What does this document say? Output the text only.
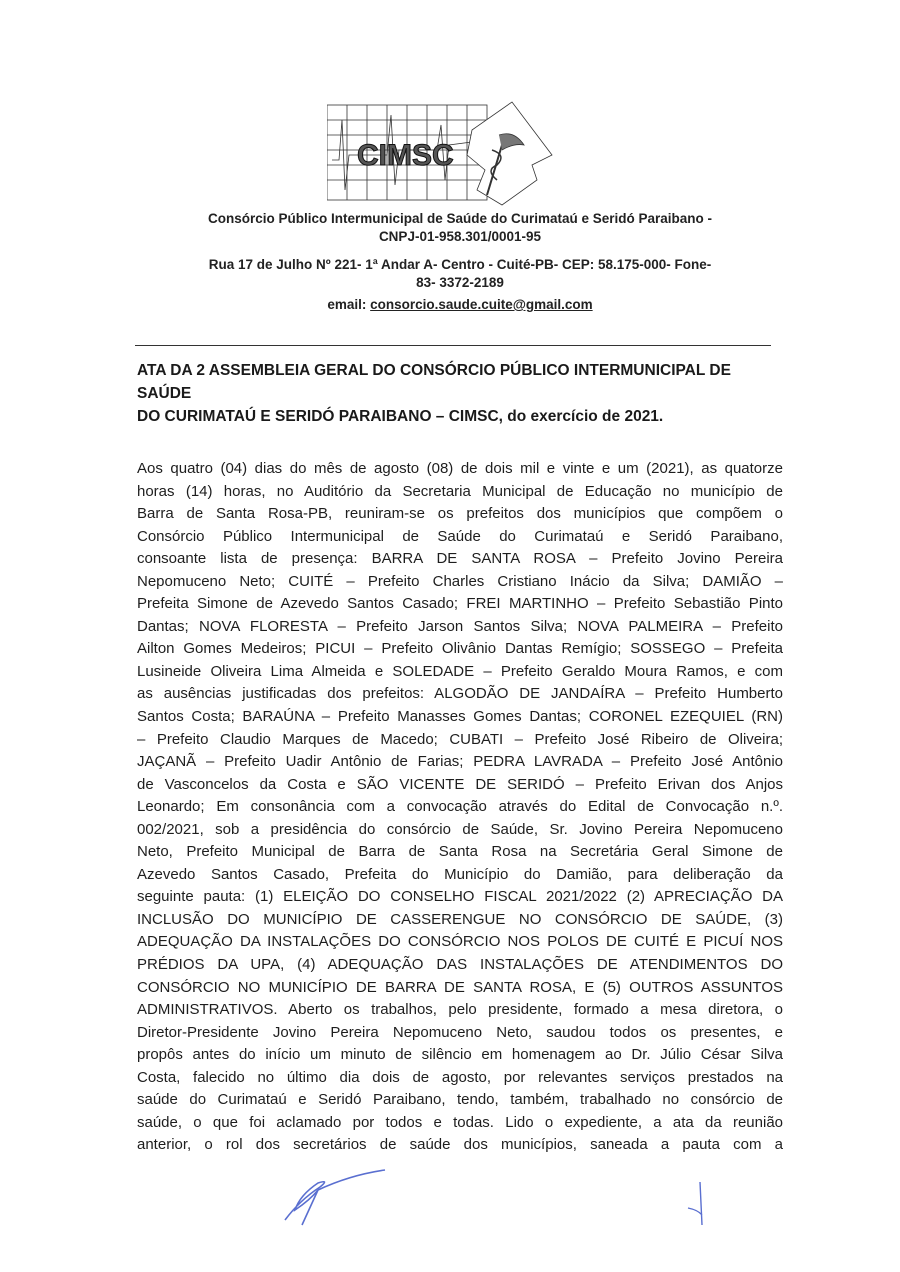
CIMSC
Consórcio Público Intermunicipal de Saúde do Curimataú e Seridó Paraibano -
CNPJ-01-958.301/0001-95
Rua 17 de Julho Nº 221- 1ª Andar A- Centro - Cuité-PB- CEP: 58.175-000- Fone-
83- 3372-2189
email: consorcio.saude.cuite@gmail.com
ATA DA 2 ASSEMBLEIA GERAL DO CONSÓRCIO PÚBLICO INTERMUNICIPAL DE SAÚDE
DO CURIMATAÚ E SERIDÓ PARAIBANO – CIMSC, do exercício de 2021.
Aos quatro (04) dias do mês de agosto (08) de dois mil e vinte e um (2021), as quatorze
horas (14) horas, no Auditório da Secretaria Municipal de Educação no município de
Barra de Santa Rosa-PB, reuniram-se os prefeitos dos municípios que compõem o
Consórcio Público Intermunicipal de Saúde do Curimataú e Seridó Paraibano,
consoante lista de presença: BARRA DE SANTA ROSA – Prefeito Jovino Pereira
Nepomuceno Neto; CUITÉ – Prefeito Charles Cristiano Inácio da Silva; DAMIÃO –
Prefeita Simone de Azevedo Santos Casado; FREI MARTINHO – Prefeito Sebastião Pinto
Dantas; NOVA FLORESTA – Prefeito Jarson Santos Silva; NOVA PALMEIRA – Prefeito
Ailton Gomes Medeiros; PICUI – Prefeito Olivânio Dantas Remígio; SOSSEGO – Prefeita
Lusineide Oliveira Lima Almeida e SOLEDADE – Prefeito Geraldo Moura Ramos, e com
as ausências justificadas dos prefeitos: ALGODÃO DE JANDAÍRA – Prefeito Humberto
Santos Costa; BARAÚNA – Prefeito Manasses Gomes Dantas; CORONEL EZEQUIEL (RN)
– Prefeito Claudio Marques de Macedo; CUBATI – Prefeito José Ribeiro de Oliveira;
JAÇANÃ – Prefeito Uadir Antônio de Farias; PEDRA LAVRADA – Prefeito José Antônio
de Vasconcelos da Costa e SÃO VICENTE DE SERIDÓ – Prefeito Erivan dos Anjos
Leonardo; Em consonância com a convocação através do Edital de Convocação n.º.
002/2021, sob a presidência do consórcio de Saúde, Sr. Jovino Pereira Nepomuceno
Neto, Prefeito Municipal de Barra de Santa Rosa na Secretária Geral Simone de
Azevedo Santos Casado, Prefeita do Município do Damião, para deliberação da
seguinte pauta: (1) ELEIÇÃO DO CONSELHO FISCAL 2021/2022 (2) APRECIAÇÃO DA
INCLUSÃO DO MUNICÍPIO DE CASSERENGUE NO CONSÓRCIO DE SAÚDE, (3)
ADEQUAÇÃO DA INSTALAÇÕES DO CONSÓRCIO NOS POLOS DE CUITÉ E PICUÍ NOS
PRÉDIOS DA UPA, (4) ADEQUAÇÃO DAS INSTALAÇÕES DE ATENDIMENTOS DO
CONSÓRCIO NO MUNICÍPIO DE BARRA DE SANTA ROSA, E (5) OUTROS ASSUNTOS
ADMINISTRATIVOS. Aberto os trabalhos, pelo presidente, formado a mesa diretora, o
Diretor-Presidente Jovino Pereira Nepomuceno Neto, saudou todos os presentes, e
propôs antes do início um minuto de silêncio em homenagem ao Dr. Júlio César Silva
Costa, falecido no último dia dois de agosto, por relevantes serviços prestados na
saúde do Curimataú e Seridó Paraibano, tendo, também, trabalhado no consórcio de
saúde, o que foi aclamado por todos e todas. Lido o expediente, a ata da reunião
anterior, o rol dos secretários de saúde dos municípios, saneada a pauta com a
